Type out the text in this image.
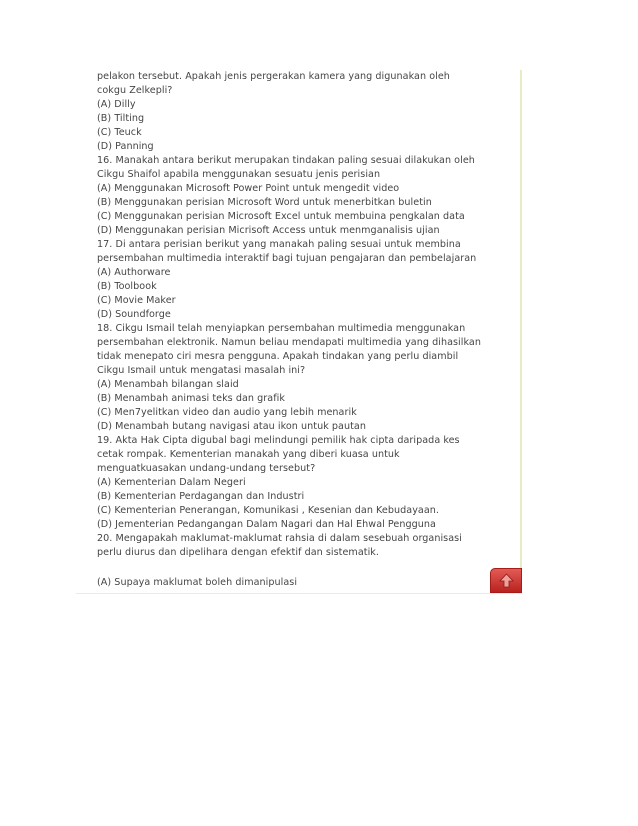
pelakon tersebut. Apakah jenis pergerakan kamera yang digunakan oleh
cokgu Zelkepli?
(A) Dilly
(B) Tilting
(C) Teuck
(D) Panning
16. Manakah antara berikut merupakan tindakan paling sesuai dilakukan oleh
Cikgu Shaifol apabila menggunakan sesuatu jenis perisian
(A) Menggunakan Microsoft Power Point untuk mengedit video
(B) Menggunakan perisian Microsoft Word untuk menerbitkan buletin
(C) Menggunakan perisian Microsoft Excel untuk membuina pengkalan data
(D) Menggunakan perisian Micrisoft Access untuk menmganalisis ujian
17. Di antara perisian berikut yang manakah paling sesuai untuk membina
persembahan multimedia interaktif bagi tujuan pengajaran dan pembelajaran
(A) Authorware
(B) Toolbook
(C) Movie Maker
(D) Soundforge
18. Cikgu Ismail telah menyiapkan persembahan multimedia menggunakan
persembahan elektronik. Namun beliau mendapati multimedia yang dihasilkan
tidak menepato ciri mesra pengguna. Apakah tindakan yang perlu diambil
Cikgu Ismail untuk mengatasi masalah ini?
(A) Menambah bilangan slaid
(B) Menambah animasi teks dan grafik
(C) Men7yelitkan video dan audio yang lebih menarik
(D) Menambah butang navigasi atau ikon untuk pautan
19. Akta Hak Cipta digubal bagi melindungi pemilik hak cipta daripada kes
cetak rompak. Kementerian manakah yang diberi kuasa untuk
menguatkuasakan undang-undang tersebut?
(A) Kementerian Dalam Negeri
(B) Kementerian Perdagangan dan Industri
(C) Kementerian Penerangan, Komunikasi , Kesenian dan Kebudayaan.
(D) Jementerian Pedangangan Dalam Nagari dan Hal Ehwal Pengguna
20. Mengapakah maklumat-maklumat rahsia di dalam sesebuah organisasi
perlu diurus dan dipelihara dengan efektif dan sistematik.
(A) Supaya maklumat boleh dimanipulasi
